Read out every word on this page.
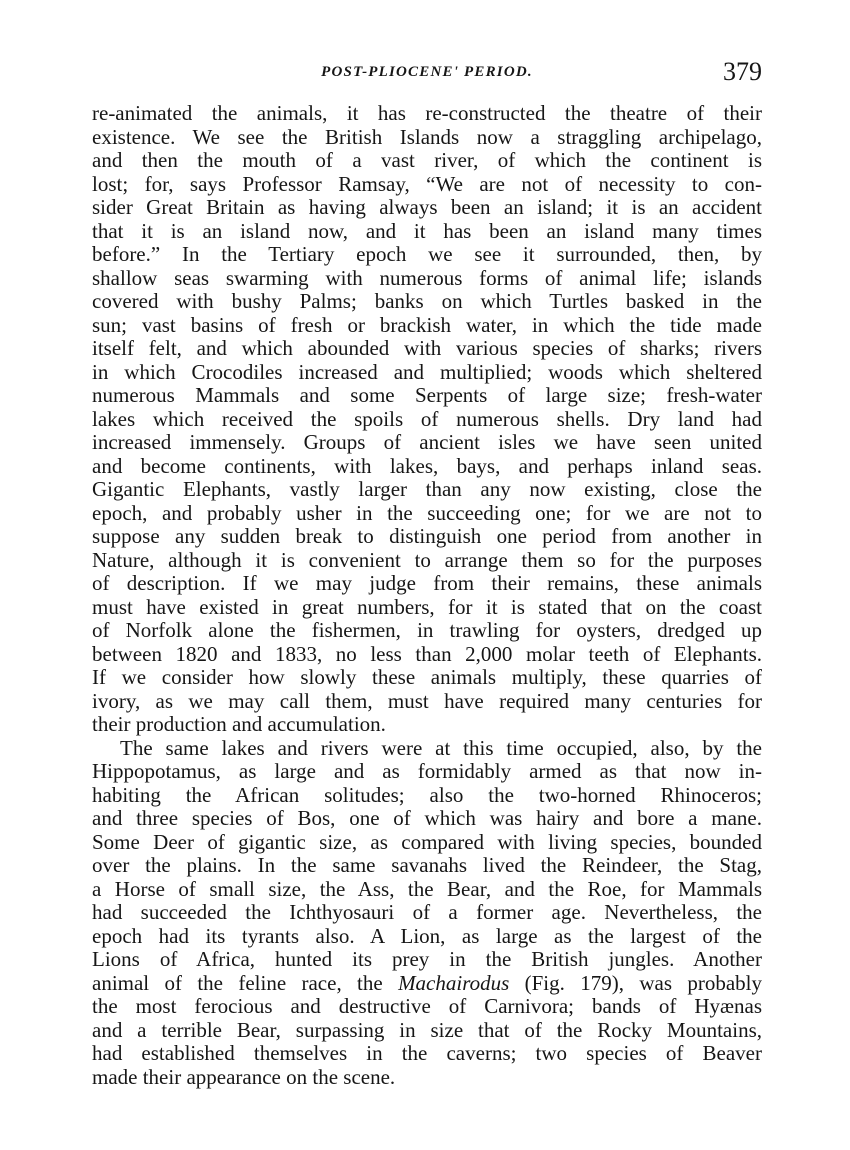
POST-PLIOCENE' PERIOD.	379
re-animated the animals, it has re-constructed the theatre of their
existence. We see the British Islands now a straggling archipelago,
and then the mouth of a vast river, of which the continent is
lost; for, says Professor Ramsay, “We are not of necessity to con-
sider Great Britain as having always been an island; it is an accident
that it is an island now, and it has been an island many times
before.” In the Tertiary epoch we see it surrounded, then, by
shallow seas swarming with numerous forms of animal life; islands
covered with bushy Palms; banks on which Turtles basked in the
sun; vast basins of fresh or brackish water, in which the tide made
itself felt, and which abounded with various species of sharks; rivers
in which Crocodiles increased and multiplied; woods which sheltered
numerous Mammals and some Serpents of large size; fresh-water
lakes which received the spoils of numerous shells. Dry land had
increased immensely. Groups of ancient isles we have seen united
and become continents, with lakes, bays, and perhaps inland seas.
Gigantic Elephants, vastly larger than any now existing, close the
epoch, and probably usher in the succeeding one; for we are not to
suppose any sudden break to distinguish one period from another in
Nature, although it is convenient to arrange them so for the purposes
of description. If we may judge from their remains, these animals
must have existed in great numbers, for it is stated that on the coast
of Norfolk alone the fishermen, in trawling for oysters, dredged up
between 1820 and 1833, no less than 2,000 molar teeth of Elephants.
If we consider how slowly these animals multiply, these quarries of
ivory, as we may call them, must have required many centuries for
their production and accumulation.
The same lakes and rivers were at this time occupied, also, by the
Hippopotamus, as large and as formidably armed as that now in-
habiting the African solitudes; also the two-horned Rhinoceros;
and three species of Bos, one of which was hairy and bore a mane.
Some Deer of gigantic size, as compared with living species, bounded
over the plains. In the same savanahs lived the Reindeer, the Stag,
a Horse of small size, the Ass, the Bear, and the Roe, for Mammals
had succeeded the Ichthyosauri of a former age. Nevertheless, the
epoch had its tyrants also. A Lion, as large as the largest of the
Lions of Africa, hunted its prey in the British jungles. Another
animal of the feline race, the Machairodus (Fig. 179), was probably
the most ferocious and destructive of Carnivora; bands of Hyænas
and a terrible Bear, surpassing in size that of the Rocky Mountains,
had established themselves in the caverns; two species of Beaver
made their appearance on the scene.
